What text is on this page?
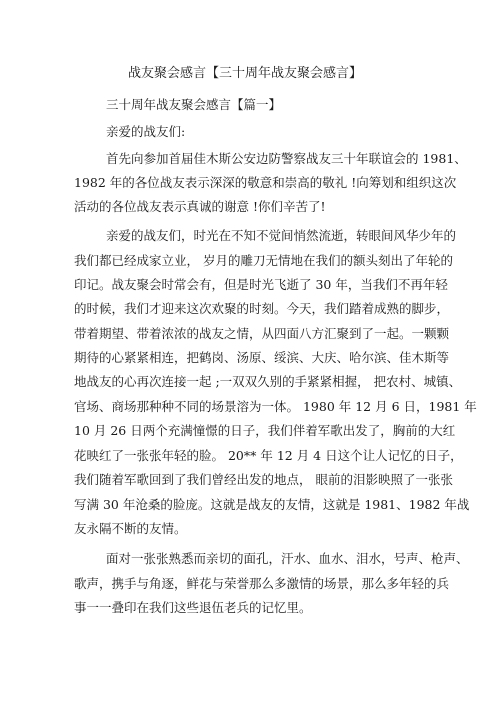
战友聚会感言【三十周年战友聚会感言】
三十周年战友聚会感言【篇一】
亲爱的战友们:
首先向参加首届佳木斯公安边防警察战友三十年联谊会的 1981、
1982 年的各位战友表示深深的敬意和崇高的敬礼 !向筹划和组织这次
活动的各位战友表示真诚的谢意 !你们辛苦了!
亲爱的战友们，时光在不知不觉间悄然流逝，转眼间风华少年的
我们都已经成家立业， 岁月的雕刀无情地在我们的额头刻出了年轮的
印记。战友聚会时常会有，但是时光飞逝了 30 年，当我们不再年轻
的时候，我们才迎来这次欢聚的时刻。今天，我们踏着成熟的脚步，
带着期望、带着浓浓的战友之情，从四面八方汇聚到了一起。一颗颗
期待的心紧紧相连，把鹤岗、汤原、绥滨、大庆、哈尔滨、佳木斯等
地战友的心再次连接一起 ;一双双久别的手紧紧相握， 把农村、城镇、
官场、商场那种种不同的场景溶为一体。 1980 年 12 月 6 日，1981 年
10 月 26 日两个充满憧憬的日子，我们伴着军歌出发了，胸前的大红
花映红了一张张年轻的脸。 20** 年 12 月 4 日这个让人记忆的日子，
我们随着军歌回到了我们曾经出发的地点， 眼前的泪影映照了一张张
写满 30 年沧桑的脸庞。这就是战友的友情，这就是 1981、1982 年战
友永隔不断的友情。
面对一张张熟悉而亲切的面孔，汗水、血水、泪水，号声、枪声、
歌声，携手与角逐，鲜花与荣誉那么多激情的场景，那么多年轻的兵
事一一叠印在我们这些退伍老兵的记忆里。
